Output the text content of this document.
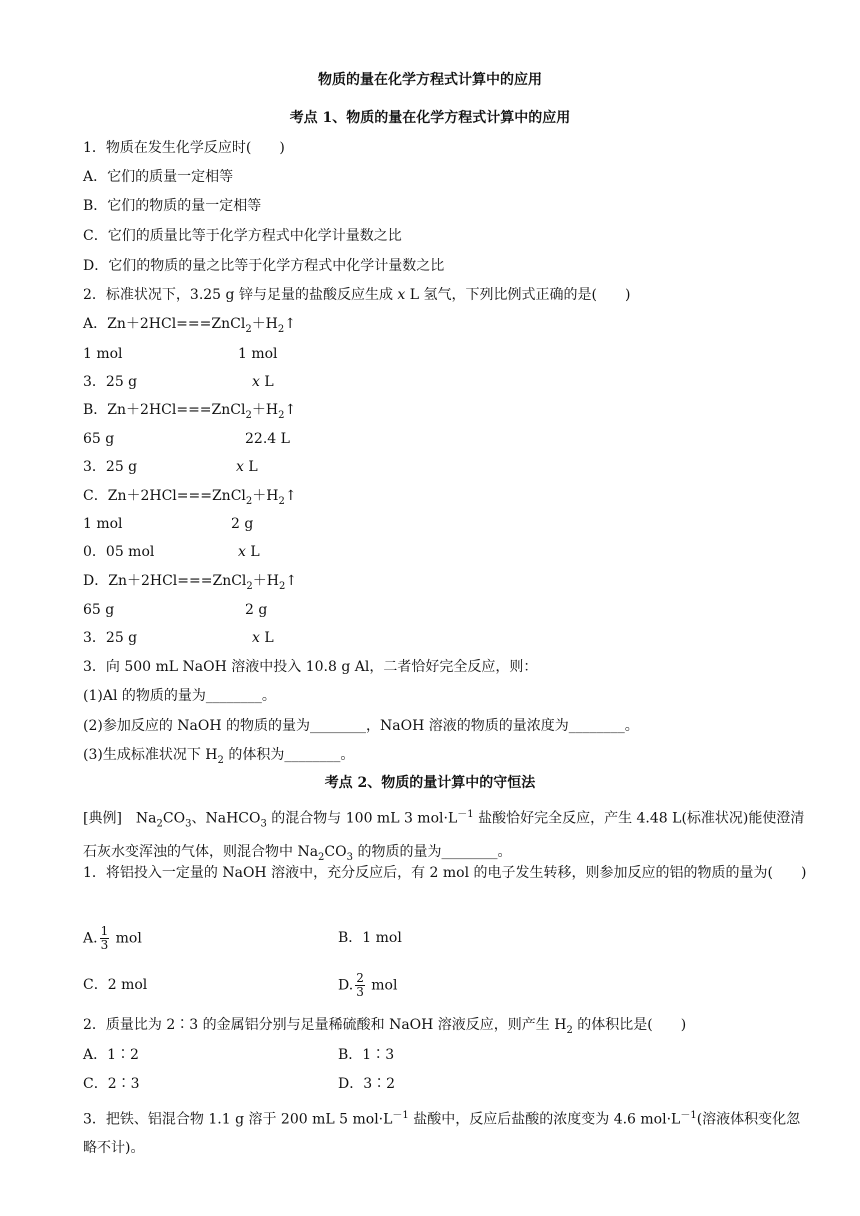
物质的量在化学方程式计算中的应用
考点 1、物质的量在化学方程式计算中的应用
1．物质在发生化学反应时(　　)
A．它们的质量一定相等
B．它们的物质的量一定相等
C．它们的质量比等于化学方程式中化学计量数之比
D．它们的物质的量之比等于化学方程式中化学计量数之比
2．标准状况下，3.25 g 锌与足量的盐酸反应生成 x L 氢气，下列比例式正确的是(　　)
A．$Zn+2HCl===ZnCl_2+H_2↑$
1 mol	1 mol
3．25 g	x L
B．$Zn+2HCl===ZnCl_2+H_2↑$
65 g	22.4 L
3．25 g	x L
C．$Zn+2HCl===ZnCl_2+H_2↑$
1 mol	2 g
0．05 mol	x L
D．$Zn+2HCl===ZnCl_2+H_2↑$
65 g	2 g
3．25 g	x L
3．向 500 mL NaOH 溶液中投入 10.8 g Al，二者恰好完全反应，则：
(1)Al 的物质的量为________。
(2)参加反应的 NaOH 的物质的量为________，NaOH 溶液的物质的量浓度为________。
(3)生成标准状况下 $H_2$ 的体积为________。
考点 2、物质的量计算中的守恒法
[典例]　$Na_2CO_3$、NaHCO$_3$ 的混合物与 100 mL 3 $mol\cdot L^{-1}$ 盐酸恰好完全反应，产生 4.48 L(标准状况)能使澄清石灰水变浑浊的气体，则混合物中 $Na_2CO_3$ 的物质的量为________。
1．将铝投入一定量的 NaOH 溶液中，充分反应后，有 2 mol 的电子发生转移，则参加反应的铝的物质的量为(　　)
A. $\frac{1}{3}$ mol	B．1 mol
C．2 mol	D. $\frac{2}{3}$ mol
2．质量比为 2∶3 的金属铝分别与足量稀硫酸和 NaOH 溶液反应，则产生 $H_2$ 的体积比是(　　)
A．1∶2	B．1∶3
C．2∶3	D．3∶2
3．把铁、铝混合物 1.1 g 溶于 200 mL 5 $mol\cdot L^{-1}$ 盐酸中，反应后盐酸的浓度变为 4.6 $mol\cdot L^{-1}$(溶液体积变化忽略不计)。
